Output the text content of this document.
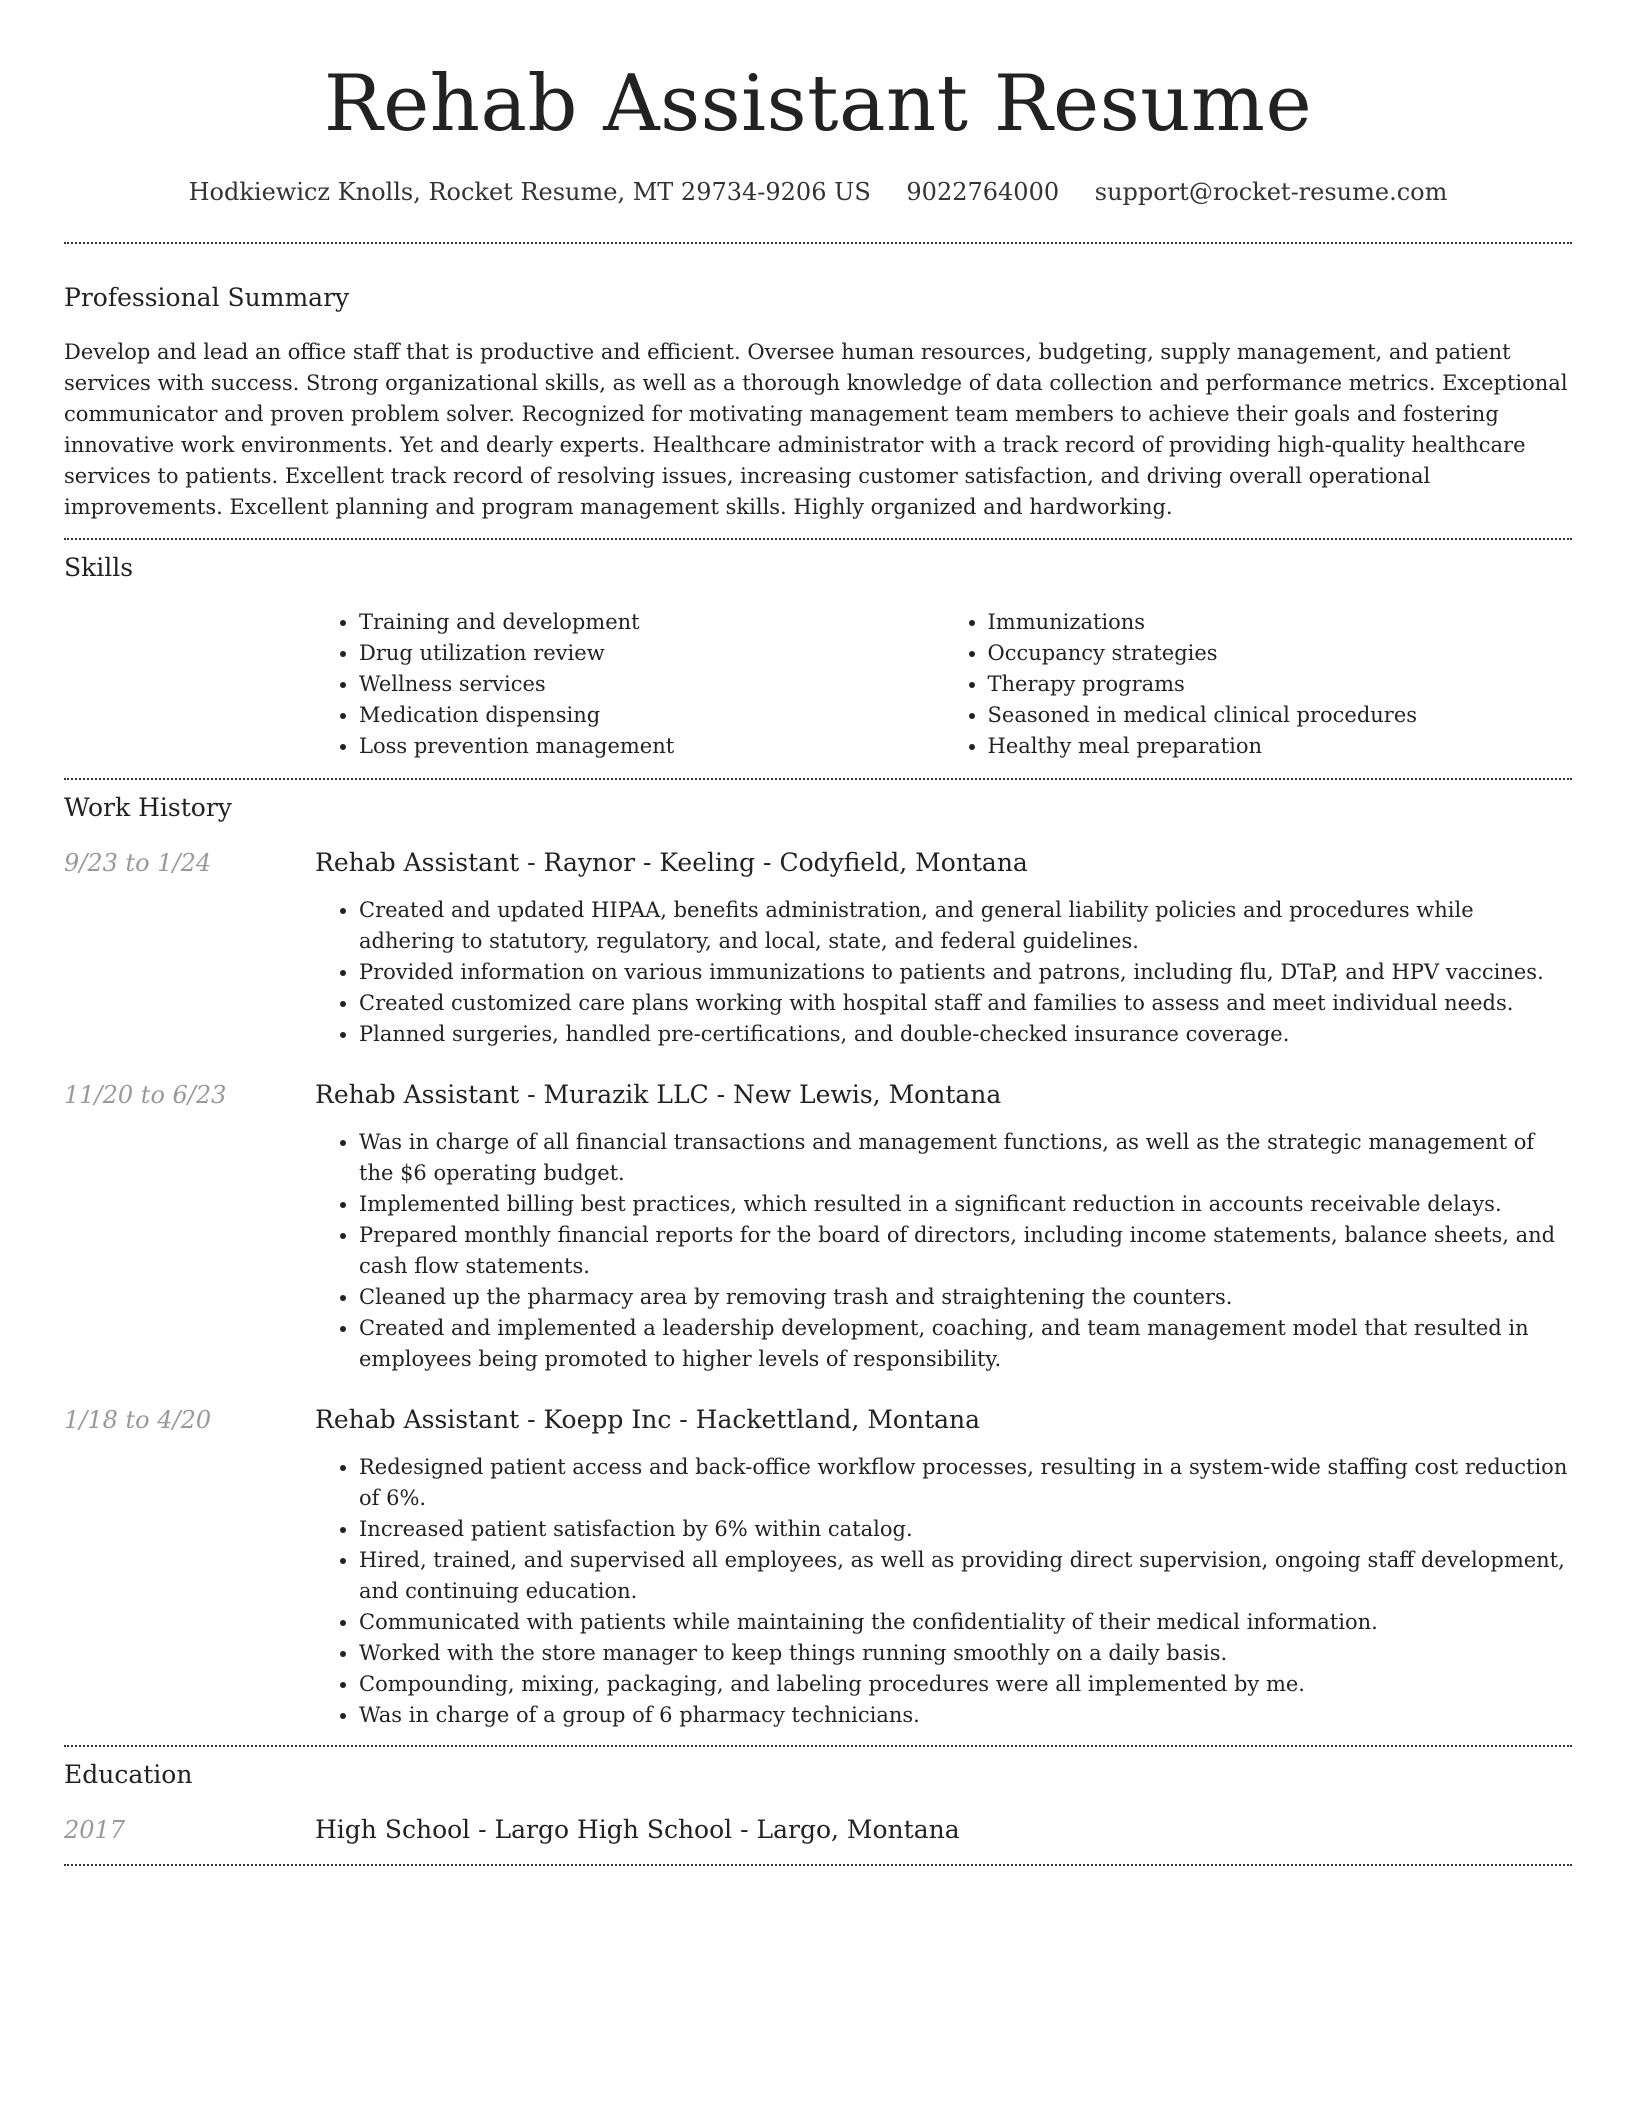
Rehab Assistant Resume
Hodkiewicz Knolls, Rocket Resume, MT 29734-9206 US 9022764000 support@rocket-resume.com
Professional Summary

Develop and lead an office staff that is productive and efficient. Oversee human resources, budgeting, supply management, and patient services with success. Strong organizational skills, as well as a thorough knowledge of data collection and performance metrics. Exceptional communicator and proven problem solver. Recognized for motivating management team members to achieve their goals and fostering innovative work environments. Yet and dearly experts. Healthcare administrator with a track record of providing high-quality healthcare services to patients. Excellent track record of resolving issues, increasing customer satisfaction, and driving overall operational improvements. Excellent planning and program management skills. Highly organized and hardworking.

Skills
• Training and development
• Drug utilization review
• Wellness services
• Medication dispensing
• Loss prevention management
• Immunizations
• Occupancy strategies
• Therapy programs
• Seasoned in medical clinical procedures
• Healthy meal preparation
Work History
9/23 to 1/24	Rehab Assistant - Raynor - Keeling - Codyfield, Montana
• Created and updated HIPAA, benefits administration, and general liability policies and procedures while adhering to statutory, regulatory, and local, state, and federal guidelines.
• Provided information on various immunizations to patients and patrons, including flu, DTaP, and HPV vaccines.
• Created customized care plans working with hospital staff and families to assess and meet individual needs.
• Planned surgeries, handled pre-certifications, and double-checked insurance coverage.
11/20 to 6/23	Rehab Assistant - Murazik LLC - New Lewis, Montana
• Was in charge of all financial transactions and management functions, as well as the strategic management of the $6 operating budget.
• Implemented billing best practices, which resulted in a significant reduction in accounts receivable delays.
• Prepared monthly financial reports for the board of directors, including income statements, balance sheets, and cash flow statements.
• Cleaned up the pharmacy area by removing trash and straightening the counters.
• Created and implemented a leadership development, coaching, and team management model that resulted in employees being promoted to higher levels of responsibility.
1/18 to 4/20	Rehab Assistant - Koepp Inc - Hackettland, Montana
• Redesigned patient access and back-office workflow processes, resulting in a system-wide staffing cost reduction of 6%.
• Increased patient satisfaction by 6% within catalog.
• Hired, trained, and supervised all employees, as well as providing direct supervision, ongoing staff development, and continuing education.
• Communicated with patients while maintaining the confidentiality of their medical information.
• Worked with the store manager to keep things running smoothly on a daily basis.
• Compounding, mixing, packaging, and labeling procedures were all implemented by me.
• Was in charge of a group of 6 pharmacy technicians.
Education
2017	High School - Largo High School - Largo, Montana
